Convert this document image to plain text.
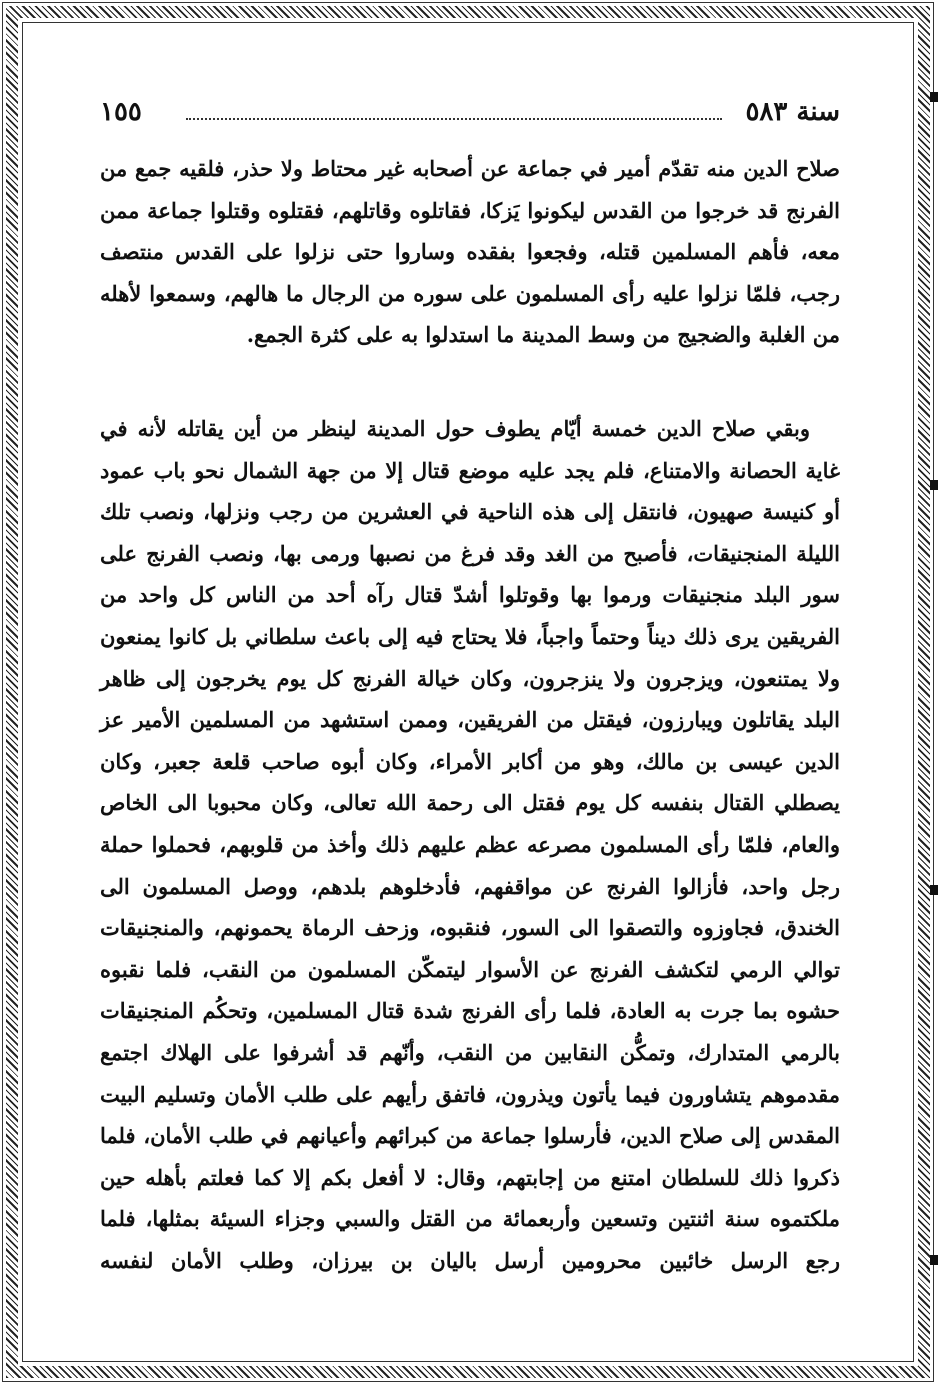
سنة ٥٨٣
١٥٥

صلاح الدين منه تقدّم أمير في جماعة عن أصحابه غير محتاط ولا حذر، فلقيه جمع من الفرنج قد خرجوا من القدس ليكونوا يَزكا، فقاتلوه وقاتلهم، فقتلوه وقتلوا جماعة ممن معه، فأهم المسلمين قتله، وفجعوا بفقده وساروا حتى نزلوا على القدس منتصف رجب، فلمّا نزلوا عليه رأى المسلمون على سوره من الرجال ما هالهم، وسمعوا لأهله من الغلبة والضجيج من وسط المدينة ما استدلوا به على كثرة الجمع.

وبقي صلاح الدين خمسة أيّام يطوف حول المدينة لينظر من أين يقاتله لأنه في غاية الحصانة والامتناع، فلم يجد عليه موضع قتال إلا من جهة الشمال نحو باب عمود أو كنيسة صهيون، فانتقل إلى هذه الناحية في العشرين من رجب ونزلها، ونصب تلك الليلة المنجنيقات، فأصبح من الغد وقد فرغ من نصبها ورمى بها، ونصب الفرنج على سور البلد منجنيقات ورموا بها وقوتلوا أشدّ قتال رآه أحد من الناس كل واحد من الفريقين يرى ذلك ديناً وحتماً واجباً، فلا يحتاج فيه إلى باعث سلطاني بل كانوا يمنعون ولا يمتنعون، ويزجرون ولا ينزجرون، وكان خيالة الفرنج كل يوم يخرجون إلى ظاهر البلد يقاتلون ويبارزون، فيقتل من الفريقين، وممن استشهد من المسلمين الأمير عز الدين عيسى بن مالك، وهو من أكابر الأمراء، وكان أبوه صاحب قلعة جعبر، وكان يصطلي القتال بنفسه كل يوم فقتل الى رحمة الله تعالى، وكان محبوبا الى الخاص والعام، فلمّا رأى المسلمون مصرعه عظم عليهم ذلك وأخذ من قلوبهم، فحملوا حملة رجل واحد، فأزالوا الفرنج عن مواقفهم، فأدخلوهم بلدهم، ووصل المسلمون الى الخندق، فجاوزوه والتصقوا الى السور، فنقبوه، وزحف الرماة يحمونهم، والمنجنيقات توالي الرمي لتكشف الفرنج عن الأسوار ليتمكّن المسلمون من النقب، فلما نقبوه حشوه بما جرت به العادة، فلما رأى الفرنج شدة قتال المسلمين، وتحكُم المنجنيقات بالرمي المتدارك، وتمكُّن النقابين من النقب، وأنّهم قد أشرفوا على الهلاك اجتمع مقدموهم يتشاورون فيما يأتون ويذرون، فاتفق رأيهم على طلب الأمان وتسليم البيت المقدس إلى صلاح الدين، فأرسلوا جماعة من كبرائهم وأعيانهم في طلب الأمان، فلما ذكروا ذلك للسلطان امتنع من إجابتهم، وقال: لا أفعل بكم إلا كما فعلتم بأهله حين ملكتموه سنة اثنتين وتسعين وأربعمائة من القتل والسبي وجزاء السيئة بمثلها، فلما رجع الرسل خائبين محرومين أرسل باليان بن بيرزان، وطلب الأمان لنفسه
